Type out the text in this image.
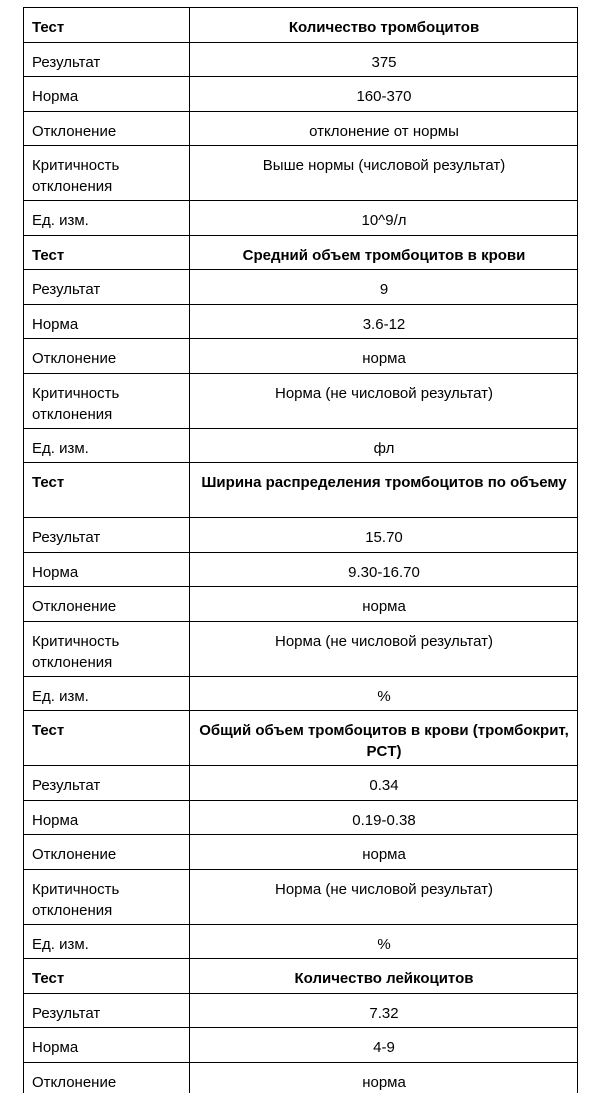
Тест	Количество тромбоцитов
Результат	375
Норма	160-370
Отклонение	отклонение от нормы
Критичность отклонения	Выше нормы (числовой результат)
Ед. изм.	10^9/л
Тест	Средний объем тромбоцитов в крови
Результат	9
Норма	3.6-12
Отклонение	норма
Критичность отклонения	Норма (не числовой результат)
Ед. изм.	фл
Тест	Ширина распределения тромбоцитов по объему
Результат	15.70
Норма	9.30-16.70
Отклонение	норма
Критичность отклонения	Норма (не числовой результат)
Ед. изм.	%
Тест	Общий объем тромбоцитов в крови (тромбокрит, PCT)
Результат	0.34
Норма	0.19-0.38
Отклонение	норма
Критичность отклонения	Норма (не числовой результат)
Ед. изм.	%
Тест	Количество лейкоцитов
Результат	7.32
Норма	4-9
Отклонение	норма
